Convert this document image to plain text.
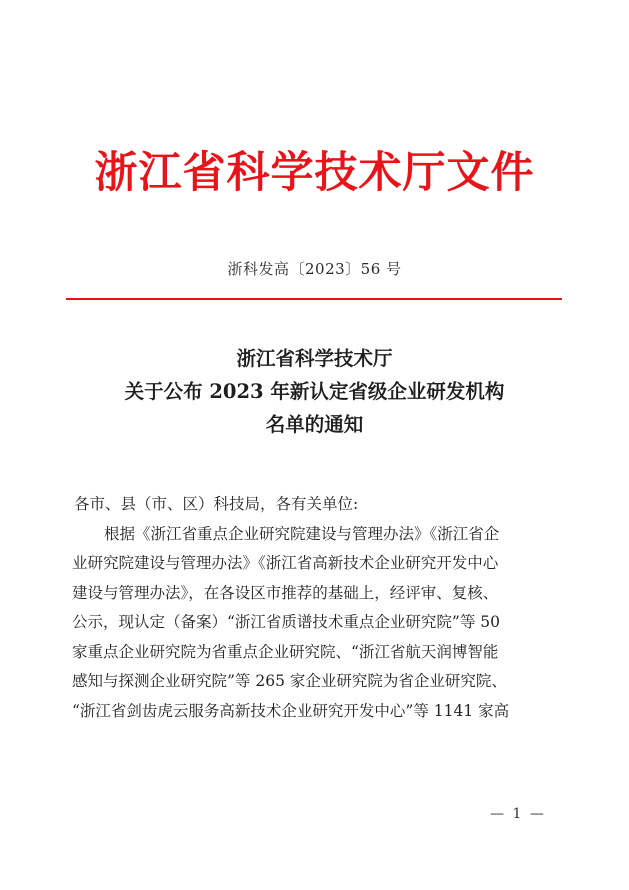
浙江省科学技术厅文件
浙科发高〔2023〕56 号
浙江省科学技术厅
关于公布 2023 年新认定省级企业研发机构
名单的通知
各市、县（市、区）科技局，各有关单位:
根据《浙江省重点企业研究院建设与管理办法》《浙江省企
业研究院建设与管理办法》《浙江省高新技术企业研究开发中心
建设与管理办法》，在各设区市推荐的基础上，经评审、复核、
公示，现认定（备案）“浙江省质谱技术重点企业研究院”等 50
家重点企业研究院为省重点企业研究院、“浙江省航天润博智能
感知与探测企业研究院”等 265 家企业研究院为省企业研究院、
“浙江省剑齿虎云服务高新技术企业研究开发中心”等 1141 家高
— 1 —
